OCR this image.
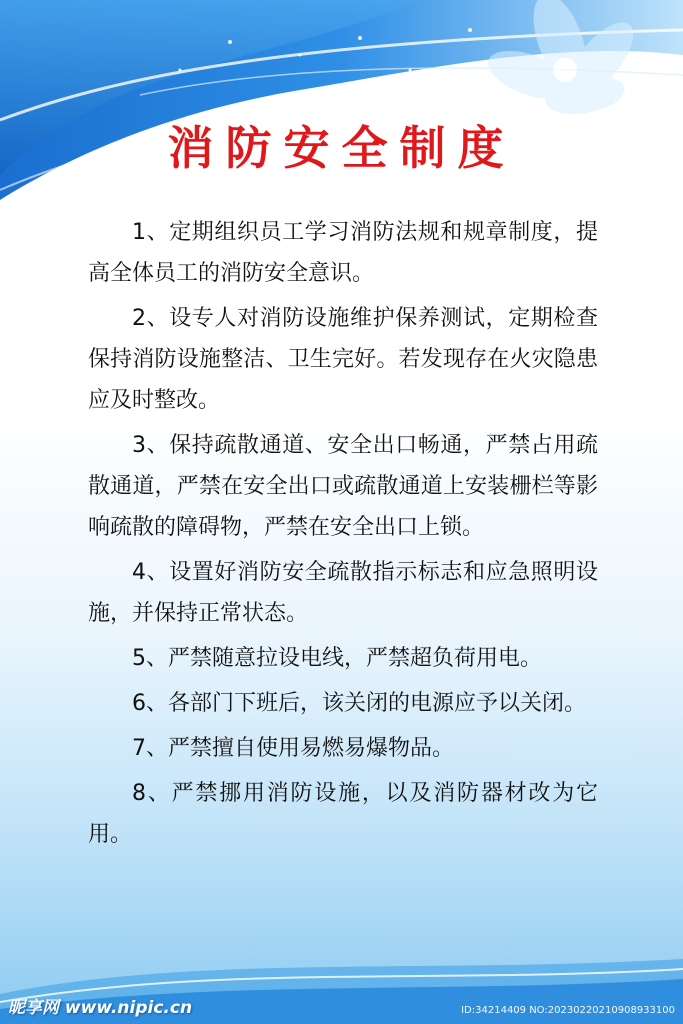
消防安全制度
1、定期组织员工学习消防法规和规章制度，提高全体员工的消防安全意识。
2、设专人对消防设施维护保养测试，定期检查保持消防设施整洁、卫生完好。若发现存在火灾隐患应及时整改。
3、保持疏散通道、安全出口畅通，严禁占用疏散通道，严禁在安全出口或疏散通道上安装栅栏等影响疏散的障碍物，严禁在安全出口上锁。
4、设置好消防安全疏散指示标志和应急照明设施，并保持正常状态。
5、严禁随意拉设电线，严禁超负荷用电。
6、各部门下班后，该关闭的电源应予以关闭。
7、严禁擅自使用易燃易爆物品。
8、严禁挪用消防设施，以及消防器材改为它用。
昵享网 www.nipic.cn	ID:34214409 NO:20230220210908933100
